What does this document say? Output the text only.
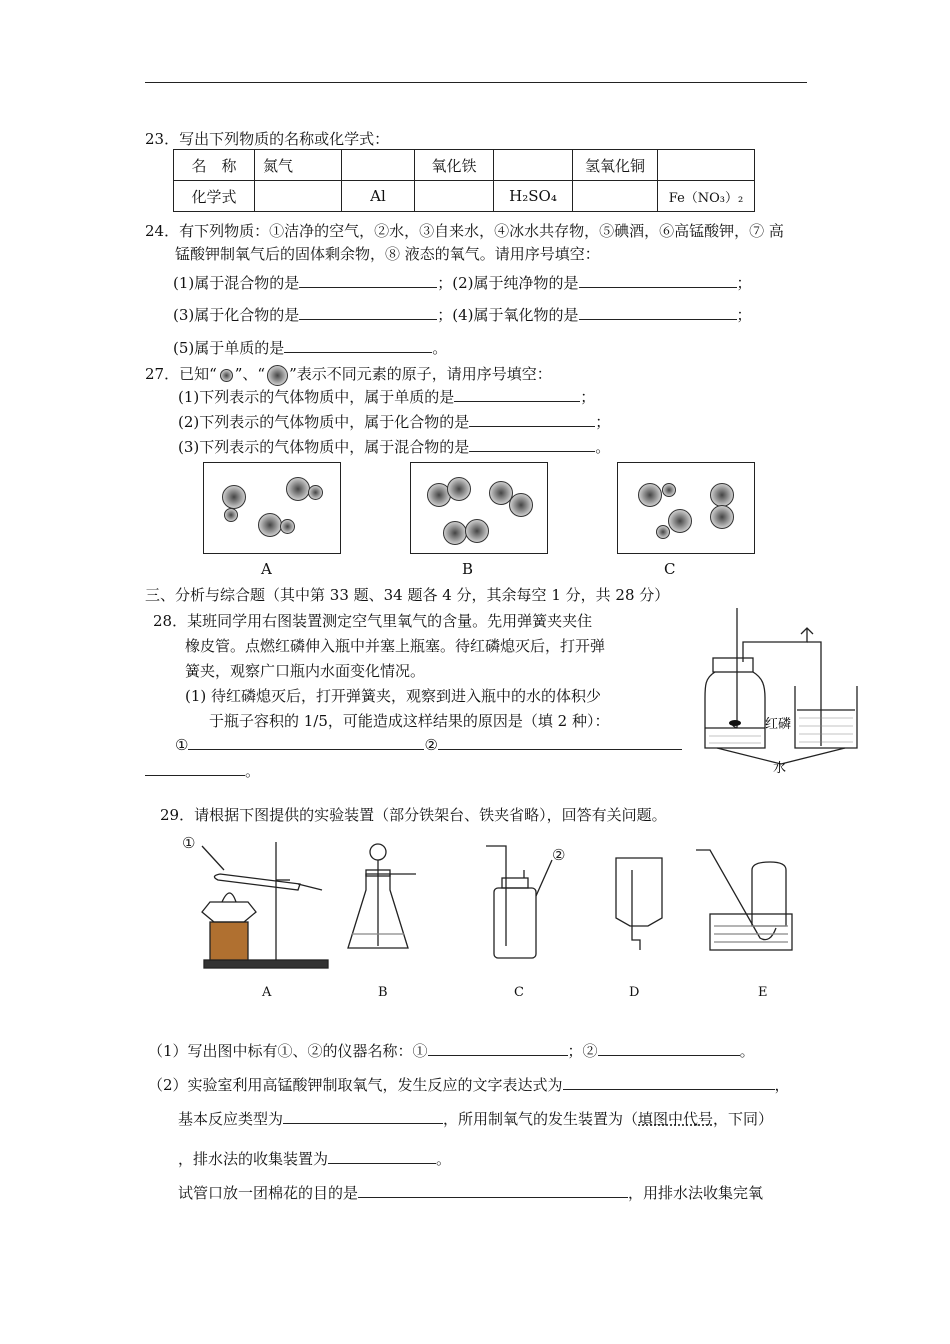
23．写出下列物质的名称或化学式：
名　称	氮气		氧化铁		氢氧化铜	
化学式		Al		H₂SO₄		Fe（NO₃）₂
24．有下列物质：①洁净的空气，②水，③自来水，④冰水共存物，⑤碘酒，⑥高锰酸钾，⑦ 高
锰酸钾制氧气后的固体剩余物，⑧ 液态的氧气。请用序号填空：
(1)属于混合物的是	；(2)属于纯净物的是	；
(3)属于化合物的是	；(4)属于氧化物的是	；
(5)属于单质的是	。
27．已知“ ”、“ ”表示不同元素的原子，请用序号填空：
(1)下列表示的气体物质中，属于单质的是	；
(2)下列表示的气体物质中，属于化合物的是	；
(3)下列表示的气体物质中，属于混合物的是	。
A	B	C
三、分析与综合题（其中第 33 题、34 题各 4 分，其余每空 1 分，共 28 分）
28．某班同学用右图装置测定空气里氧气的含量。先用弹簧夹夹住
橡皮管。点燃红磷伸入瓶中并塞上瓶塞。待红磷熄灭后，打开弹
簧夹，观察广口瓶内水面变化情况。
(1) 待红磷熄灭后，打开弹簧夹，观察到进入瓶中的水的体积少
于瓶子容积的 1/5，可能造成这样结果的原因是（填 2 种）：
①	②
。
红磷
水
29．请根据下图提供的实验装置（部分铁架台、铁夹省略），回答有关问题。
①
②
A	B	C	D	E
（1）写出图中标有①、②的仪器名称：①	；②	。
（2）实验室利用高锰酸钾制取氧气，发生反应的文字表达式为	，
基本反应类型为	，所用制氧气的发生装置为（填图中代号，下同）
，排水法的收集装置为	。
试管口放一团棉花的目的是	，用排水法收集完氧
